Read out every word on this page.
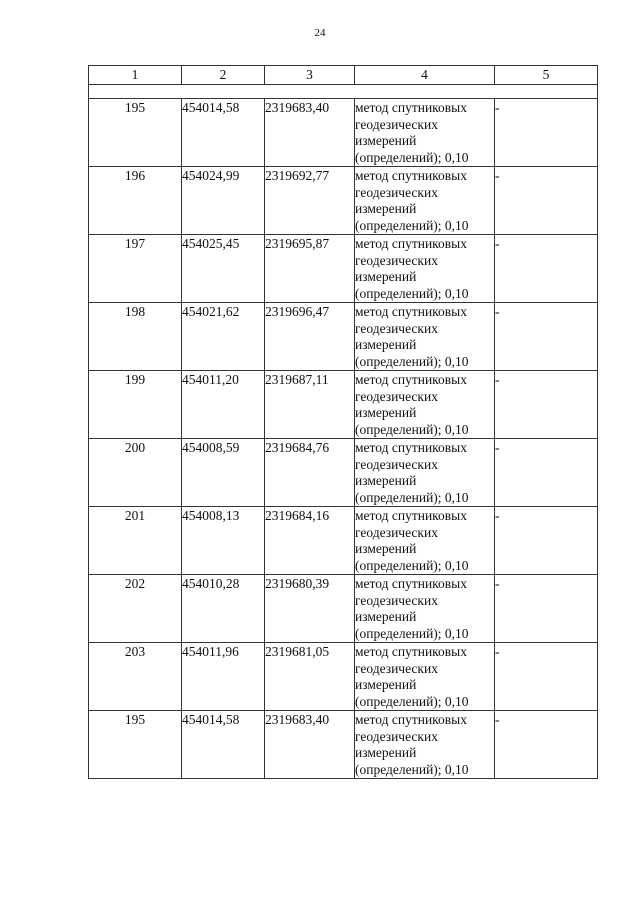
24
1	2	3	4	5

195	454014,58	2319683,40	метод спутниковых
геодезических
измерений
(определений); 0,10	-
196	454024,99	2319692,77	метод спутниковых
геодезических
измерений
(определений); 0,10	-
197	454025,45	2319695,87	метод спутниковых
геодезических
измерений
(определений); 0,10	-
198	454021,62	2319696,47	метод спутниковых
геодезических
измерений
(определений); 0,10	-
199	454011,20	2319687,11	метод спутниковых
геодезических
измерений
(определений); 0,10	-
200	454008,59	2319684,76	метод спутниковых
геодезических
измерений
(определений); 0,10	-
201	454008,13	2319684,16	метод спутниковых
геодезических
измерений
(определений); 0,10	-
202	454010,28	2319680,39	метод спутниковых
геодезических
измерений
(определений); 0,10	-
203	454011,96	2319681,05	метод спутниковых
геодезических
измерений
(определений); 0,10	-
195	454014,58	2319683,40	метод спутниковых
геодезических
измерений
(определений); 0,10	-
